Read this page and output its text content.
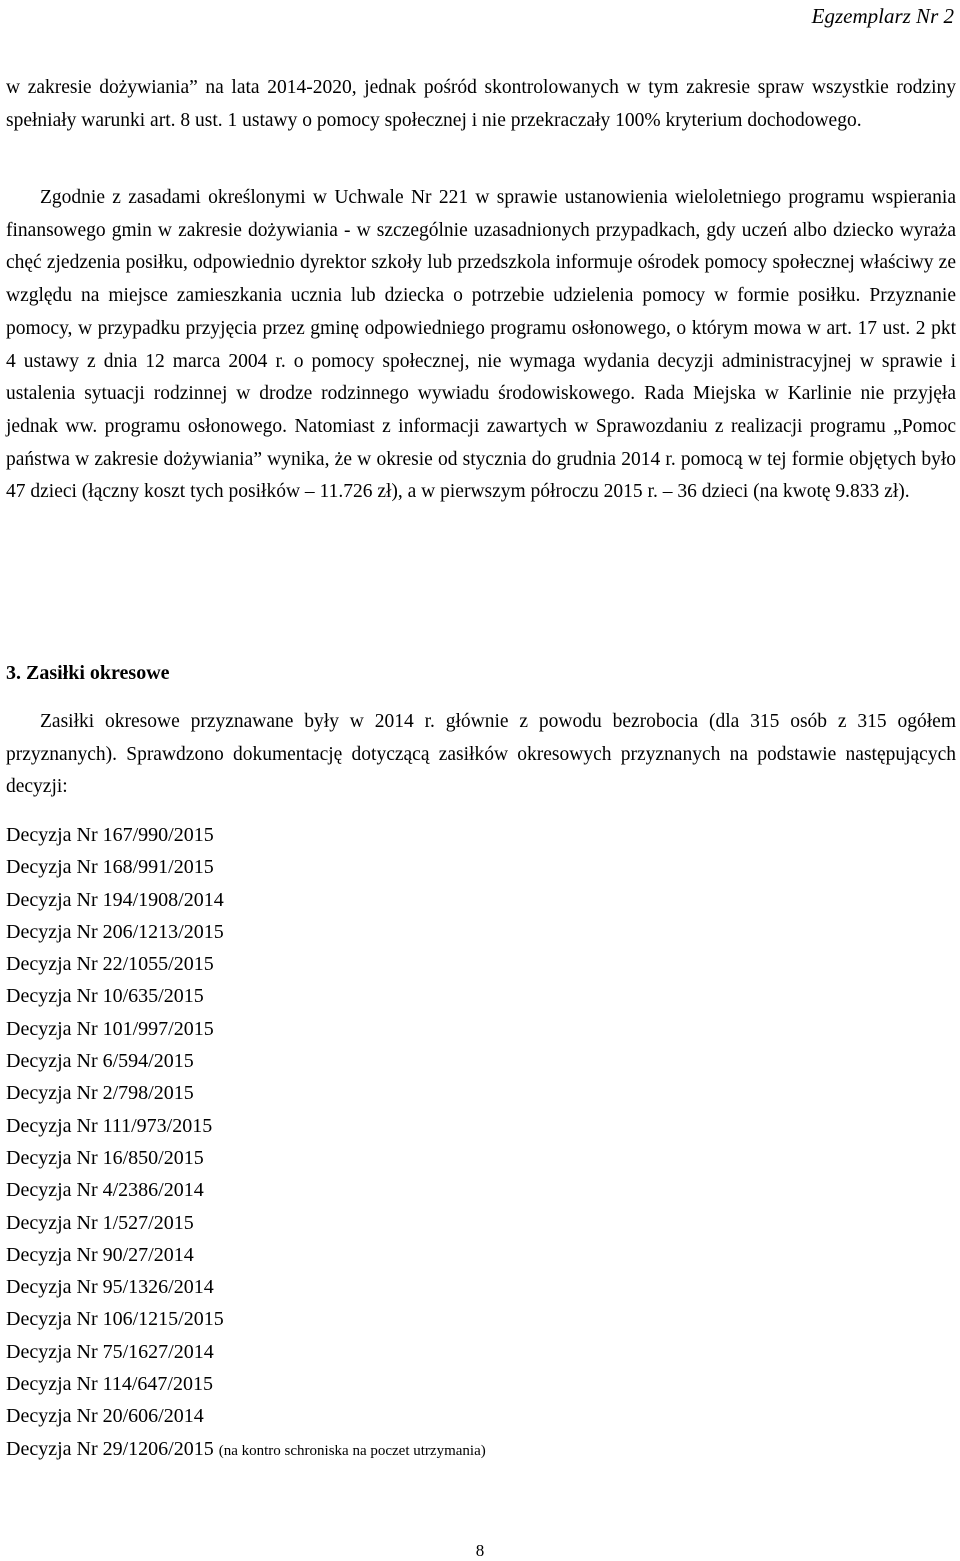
Egzemplarz Nr 2

w zakresie dożywiania” na lata 2014-2020, jednak pośród skontrolowanych w tym zakresie spraw wszystkie rodziny spełniały warunki art. 8 ust. 1 ustawy o pomocy społecznej i nie przekraczały 100% kryterium dochodowego.

Zgodnie z zasadami określonymi w Uchwale Nr 221 w sprawie ustanowienia wieloletniego programu wspierania finansowego gmin w zakresie dożywiania - w szczególnie uzasadnionych przypadkach, gdy uczeń albo dziecko wyraża chęć zjedzenia posiłku, odpowiednio dyrektor szkoły lub przedszkola informuje ośrodek pomocy społecznej właściwy ze względu na miejsce zamieszkania ucznia lub dziecka o potrzebie udzielenia pomocy w formie posiłku. Przyznanie pomocy, w przypadku przyjęcia przez gminę odpowiedniego programu osłonowego, o którym mowa w art. 17 ust. 2 pkt 4 ustawy z dnia 12 marca 2004 r. o pomocy społecznej, nie wymaga wydania decyzji administracyjnej w sprawie i ustalenia sytuacji rodzinnej w drodze rodzinnego wywiadu środowiskowego. Rada Miejska w Karlinie nie przyjęła jednak ww. programu osłonowego. Natomiast z informacji zawartych w Sprawozdaniu z realizacji programu „Pomoc państwa w zakresie dożywiania” wynika, że w okresie od stycznia do grudnia 2014 r. pomocą w tej formie objętych było 47 dzieci (łączny koszt tych posiłków – 11.726 zł), a w pierwszym półroczu 2015 r. – 36 dzieci (na kwotę 9.833 zł).

3. Zasiłki okresowe

Zasiłki okresowe przyznawane były w 2014 r. głównie z powodu bezrobocia (dla 315 osób z 315 ogółem przyznanych). Sprawdzono dokumentację dotyczącą zasiłków okresowych przyznanych na podstawie następujących decyzji:

Decyzja Nr 167/990/2015
Decyzja Nr 168/991/2015
Decyzja Nr 194/1908/2014
Decyzja Nr 206/1213/2015
Decyzja Nr 22/1055/2015
Decyzja Nr 10/635/2015
Decyzja Nr 101/997/2015
Decyzja Nr 6/594/2015
Decyzja Nr 2/798/2015
Decyzja Nr 111/973/2015
Decyzja Nr 16/850/2015
Decyzja Nr 4/2386/2014
Decyzja Nr 1/527/2015
Decyzja Nr 90/27/2014
Decyzja Nr 95/1326/2014
Decyzja Nr 106/1215/2015
Decyzja Nr 75/1627/2014
Decyzja Nr 114/647/2015
Decyzja Nr 20/606/2014
Decyzja Nr 29/1206/2015 (na kontro schroniska na poczet utrzymania)
8
